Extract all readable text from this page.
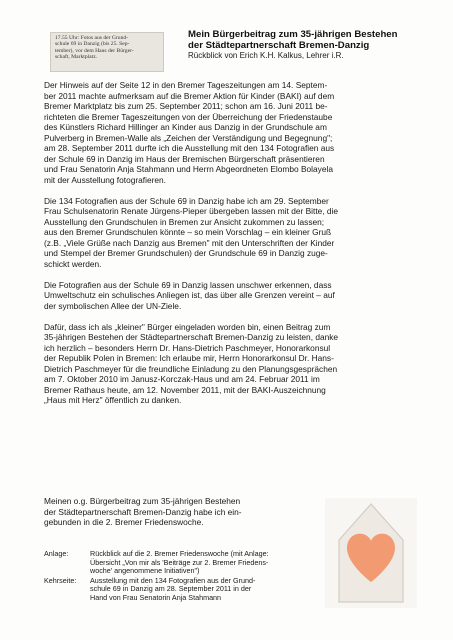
17.55 Uhr: Fotos aus der Grund-
schule 69 in Danzig (bis 25. Sep-
tember), vor dem Haus der Bürger-
schaft, Marktplatz.
Mein Bürgerbeitrag zum 35-jährigen Bestehen
der Städtepartnerschaft Bremen-Danzig
Rückblick von Erich K.H. Kalkus, Lehrer i.R.

Der Hinweis auf der Seite 12 in den Bremer Tageszeitungen am 14. Septem-
ber 2011 machte aufmerksam auf die Bremer Aktion für Kinder (BAKI) auf dem
Bremer Marktplatz bis zum 25. September 2011; schon am 16. Juni 2011 be-
richteten die Bremer Tageszeitungen von der Überreichung der Friedenstaube
des Künstlers Richard Hillinger an Kinder aus Danzig in der Grundschule am
Pulverberg in Bremen-Walle als „Zeichen der Verständigung und Begegnung";
am 28. September 2011 durfte ich die Ausstellung mit den 134 Fotografien aus
der Schule 69 in Danzig im Haus der Bremischen Bürgerschaft präsentieren
und Frau Senatorin Anja Stahmann und Herrn Abgeordneten Elombo Bolayela
mit der Ausstellung fotografieren.

Die 134 Fotografien aus der Schule 69 in Danzig habe ich am 29. September
Frau Schulsenatorin Renate Jürgens-Pieper übergeben lassen mit der Bitte, die
Ausstellung den Grundschulen in Bremen zur Ansicht zukommen zu lassen;
aus den Bremer Grundschulen könnte – so mein Vorschlag – ein kleiner Gruß
(z.B. „Viele Grüße nach Danzig aus Bremen" mit den Unterschriften der Kinder
und Stempel der Bremer Grundschulen) der Grundschule 69 in Danzig zuge-
schickt werden.

Die Fotografien aus der Schule 69 in Danzig lassen unschwer erkennen, dass
Umweltschutz ein schulisches Anliegen ist, das über alle Grenzen vereint – auf
der symbolischen Allee der UN-Ziele.

Dafür, dass ich als „kleiner" Bürger eingeladen worden bin, einen Beitrag zum
35-jährigen Bestehen der Städtepartnerschaft Bremen-Danzig zu leisten, danke
ich herzlich – besonders Herrn Dr. Hans-Dietrich Paschmeyer, Honorarkonsul
der Republik Polen in Bremen: Ich erlaube mir, Herrn Honorarkonsul Dr. Hans-
Dietrich Paschmeyer für die freundliche Einladung zu den Planungsgesprächen
am 7. Oktober 2010 im Janusz-Korczak-Haus und am 24. Februar 2011 im
Bremer Rathaus heute, am 12. November 2011, mit der BAKI-Auszeichnung
„Haus mit Herz" öffentlich zu danken.

Meinen o.g. Bürgerbeitrag zum 35-jährigen Bestehen
der Städtepartnerschaft Bremen-Danzig habe ich ein-
gebunden in die 2. Bremer Friedenswoche.
Anlage:	Rückblick auf die 2. Bremer Friedenswoche (mit Anlage:
Übersicht „Von mir als 'Beiträge zur 2. Bremer Friedens-
woche' angenommene Initiativen")
Kehrseite:	Ausstellung mit den 134 Fotografien aus der Grund-
schule 69 in Danzig am 28. September 2011 in der
Hand von Frau Senatorin Anja Stahmann
